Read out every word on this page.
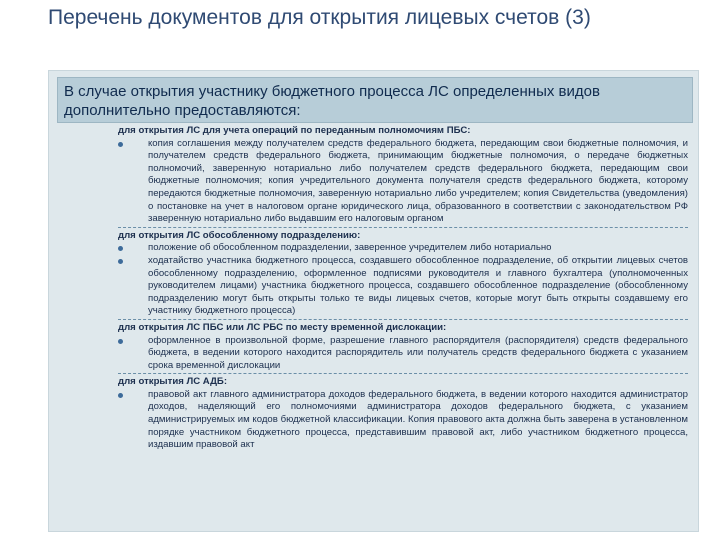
Перечень документов для открытия лицевых счетов (3)
В случае открытия участнику бюджетного процесса ЛС определенных видов дополнительно предоставляются:
для открытия ЛС для учета операций по переданным полномочиям ПБС:
копия соглашения между получателем средств федерального бюджета, передающим свои бюджетные полномочия, и получателем средств федерального бюджета, принимающим бюджетные полномочия, о передаче бюджетных полномочий, заверенную нотариально либо получателем средств федерального бюджета, передающим свои бюджетные полномочия; копия учредительного документа получателя средств федерального бюджета, которому передаются бюджетные полномочия, заверенную нотариально либо учредителем; копия Свидетельства (уведомления) о постановке на учет в налоговом органе юридического лица, образованного в соответствии с законодательством РФ заверенную нотариально либо выдавшим его налоговым органом
для открытия ЛС обособленному подразделению:
положение об обособленном подразделении, заверенное учредителем либо нотариально
ходатайство участника бюджетного процесса, создавшего обособленное подразделение, об открытии лицевых счетов обособленному подразделению, оформленное подписями руководителя и главного бухгалтера (уполномоченных руководителем лицами) участника бюджетного процесса, создавшего обособленное подразделение (обособленному подразделению могут быть открыты только те виды лицевых счетов, которые могут быть открыты создавшему его участнику бюджетного процесса)
для открытия ЛС ПБС или ЛС РБС по месту временной дислокации:
оформленное в произвольной форме, разрешение главного распорядителя (распорядителя) средств федерального бюджета, в ведении которого находится распорядитель или получатель средств федерального бюджета с указанием срока временной дислокации
для открытия ЛС АДБ:
правовой акт главного администратора доходов федерального бюджета, в ведении которого находится администратор доходов, наделяющий его полномочиями администратора доходов федерального бюджета, с указанием администрируемых им кодов бюджетной классификации. Копия правового акта должна быть заверена в установленном порядке участником бюджетного процесса, представившим правовой акт, либо участником бюджетного процесса, издавшим правовой акт
